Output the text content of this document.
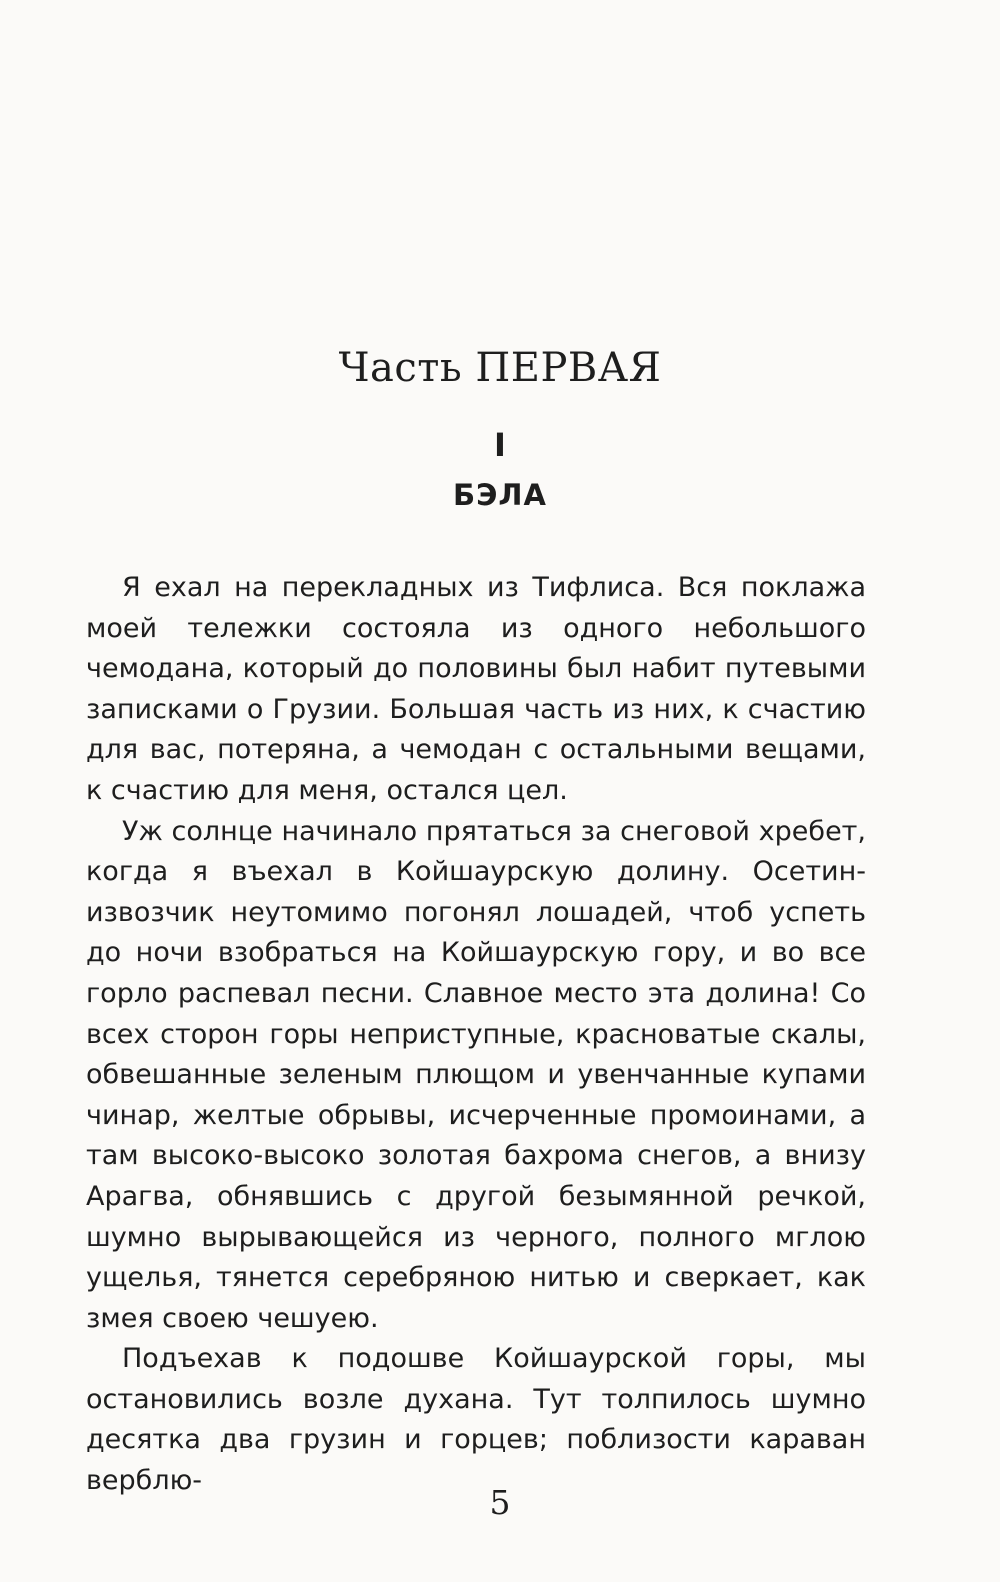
Часть ПЕРВАЯ
I
БЭЛА

Я ехал на перекладных из Тифлиса. Вся поклажа моей тележки состояла из одного небольшого чемодана, который до половины был набит путевыми записками о Грузии. Большая часть из них, к счастию для вас, потеряна, а чемодан с остальными вещами, к счастию для меня, остался цел.

Уж солнце начинало прятаться за снеговой хребет, когда я въехал в Койшаурскую долину. Осетин-извозчик неутомимо погонял лошадей, чтоб успеть до ночи взобраться на Койшаурскую гору, и во все горло распевал песни. Славное место эта долина! Со всех сторон горы неприступные, красноватые скалы, обвешанные зеленым плющом и увенчанные купами чинар, желтые обрывы, исчерченные промоинами, а там высоко-высоко золотая бахрома снегов, а внизу Арагва, обнявшись с другой безымянной речкой, шумно вырывающейся из черного, полного мглою ущелья, тянется серебряною нитью и сверкает, как змея своею чешуею.

Подъехав к подошве Койшаурской горы, мы остановились возле духана. Тут толпилось шумно десятка два грузин и горцев; поблизости караван верблю-

5
